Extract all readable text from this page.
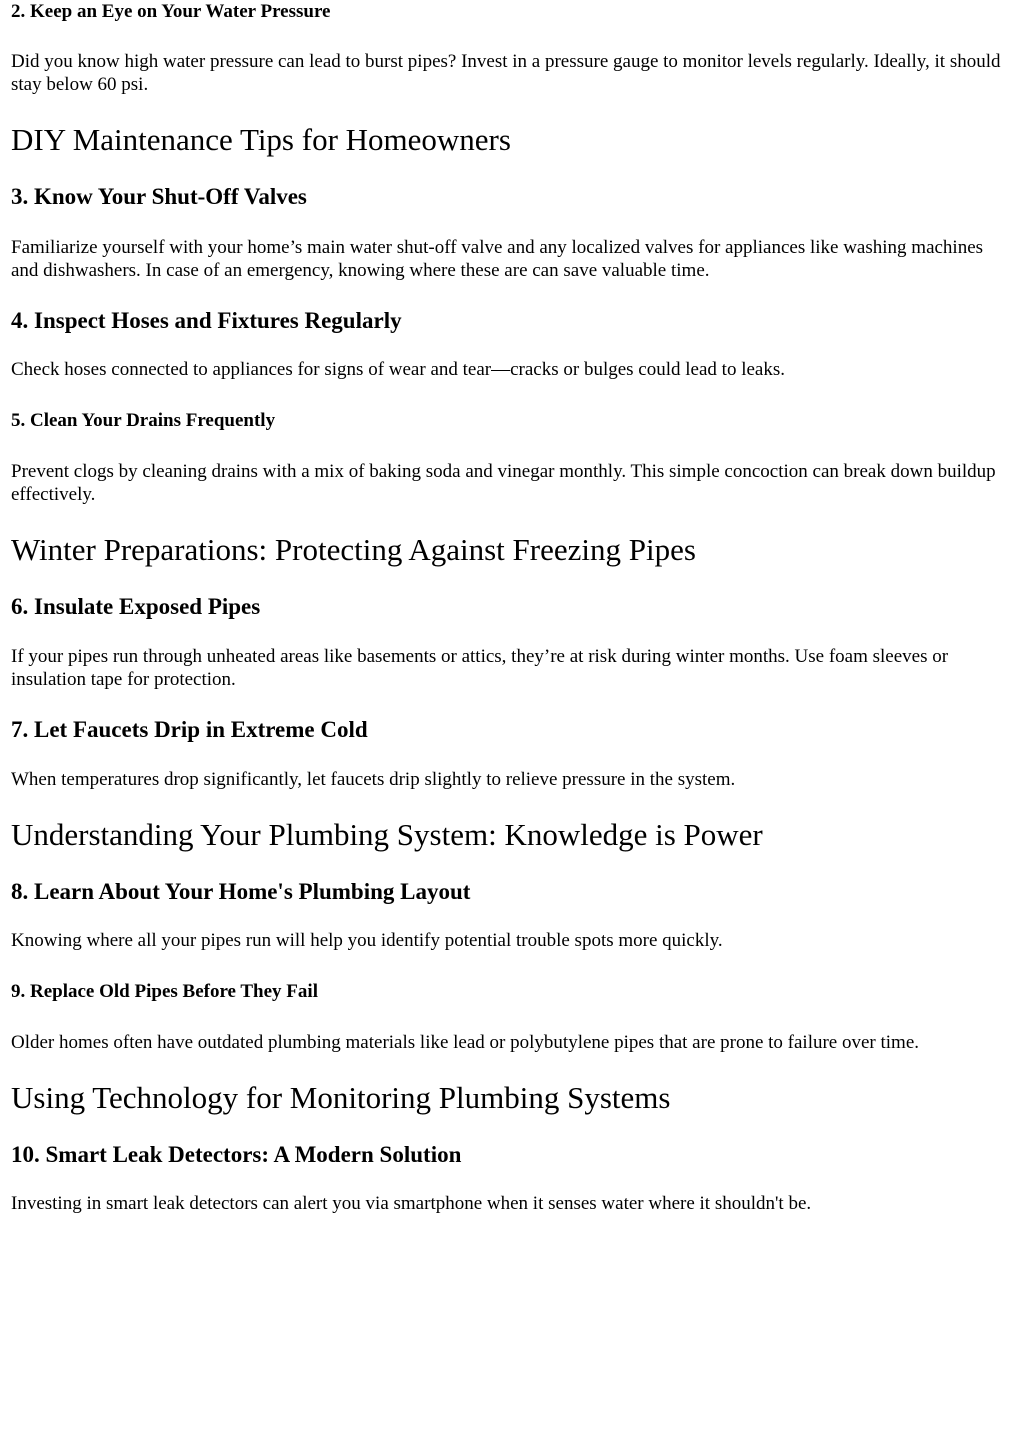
2. Keep an Eye on Your Water Pressure

Did you know high water pressure can lead to burst pipes? Invest in a pressure gauge to monitor levels regularly. Ideally, it should stay below 60 psi.

DIY Maintenance Tips for Homeowners
3. Know Your Shut-Off Valves

Familiarize yourself with your home’s main water shut-off valve and any localized valves for appliances like washing machines and dishwashers. In case of an emergency, knowing where these are can save valuable time.

4. Inspect Hoses and Fixtures Regularly

Check hoses connected to appliances for signs of wear and tear—cracks or bulges could lead to leaks.

5. Clean Your Drains Frequently

Prevent clogs by cleaning drains with a mix of baking soda and vinegar monthly. This simple concoction can break down buildup effectively.

Winter Preparations: Protecting Against Freezing Pipes
6. Insulate Exposed Pipes

If your pipes run through unheated areas like basements or attics, they’re at risk during winter months. Use foam sleeves or insulation tape for protection.

7. Let Faucets Drip in Extreme Cold

When temperatures drop significantly, let faucets drip slightly to relieve pressure in the system.

Understanding Your Plumbing System: Knowledge is Power
8. Learn About Your Home's Plumbing Layout

Knowing where all your pipes run will help you identify potential trouble spots more quickly.

9. Replace Old Pipes Before They Fail

Older homes often have outdated plumbing materials like lead or polybutylene pipes that are prone to failure over time.

Using Technology for Monitoring Plumbing Systems
10. Smart Leak Detectors: A Modern Solution

Investing in smart leak detectors can alert you via smartphone when it senses water where it shouldn't be.
